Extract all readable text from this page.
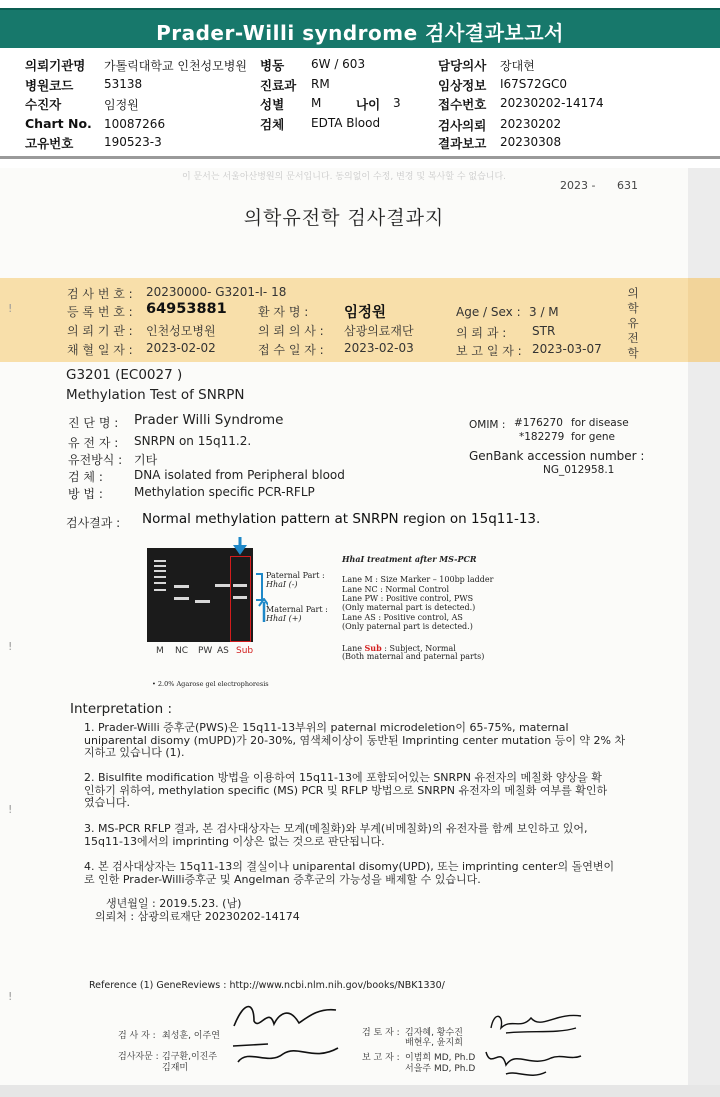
Prader-Willi syndrome 검사결과보고서
의뢰기관명 가톨릭대학교 인천성모병원 병동 6W / 603	담당의사 장대현
병원코드	53138	진료과 RM	임상정보 I67S72GC0
수진자	임정원	성별 M	나이 3	접수번호 20230202-14174
Chart No. 10087266	검체 EDTA Blood	검사의뢰 20230202
고유번호	190523-3	결과보고 20230308
이 문서는 서울아산병원의 문서입니다. 동의없이 수정, 변경 및 복사할 수 없습니다.
2023 - 631
의학유전학 검사결과지
!
의 학 유 전 학
검 사 번 호 : 20230000- G3201-I- 18
등 록 번 호 : 64953881	환 자 명 : 임정원	Age / Sex : 3 / M
의 뢰 기 관 : 인천성모병원	의 뢰 의 사 : 삼광의료재단	의 뢰 과 : STR
채 혈 일 자 : 2023-02-02	접 수 일 자 : 2023-02-03	보 고 일 자 : 2023-03-07
G3201 (EC0027 )
Methylation Test of SNRPN
진 단 명 : Prader Willi Syndrome
유 전 자 : SNRPN on 15q11.2.
유전방식 : 기타
검 체 :	DNA isolated from Peripheral blood
방 법 :	Methylation specific PCR-RFLP
OMIM : #176270 for disease
*182279 for gene
GenBank accession number :
NG_012958.1
검사결과 : Normal methylation pattern at SNRPN region on 15q11-13.
M NC PW AS Sub
Paternal Part :
HhaI (-)
Maternal Part :
HhaI (+)
• 2.0% Agarose gel electrophoresis
HhaI treatment after MS-PCR
Lane M : Size Marker – 100bp ladder
Lane NC : Normal Control
Lane PW : Positive control, PWS
(Only maternal part is detected.)
Lane AS : Positive control, AS
(Only paternal part is detected.)
Lane Sub : Subject, Normal
(Both maternal and paternal parts)
!
!
!
Interpretation :
1. Prader-Willi 증후군(PWS)은 15q11-13부위의 paternal microdeletion이 65-75%, maternal
uniparental disomy (mUPD)가 20-30%, 염색체이상이 동반된 Imprinting center mutation 등이 약 2% 차
지하고 있습니다 (1).
2. Bisulfite modification 방법을 이용하여 15q11-13에 포함되어있는 SNRPN 유전자의 메칠화 양상을 확
인하기 위하여, methylation specific (MS) PCR 및 RFLP 방법으로 SNRPN 유전자의 메칠화 여부를 확인하
였습니다.
3. MS-PCR RFLP 결과, 본 검사대상자는 모계(메칠화)와 부계(비메칠화)의 유전자를 함께 보인하고 있어,
15q11-13에서의 imprinting 이상은 없는 것으로 판단됩니다.
4. 본 검사대상자는 15q11-13의 결실이나 uniparental disomy(UPD), 또는 imprinting center의 돌연변이
로 인한 Prader-Willi증후군 및 Angelman 증후군의 가능성을 배제할 수 있습니다.
생년월일 : 2019.5.23. (남)
의뢰처 : 삼광의료재단 20230202-14174
Reference (1) GeneReviews : http://www.ncbi.nlm.nih.gov/books/NBK1330/
검 사 자 : 최성훈, 이주연
검사자문 : 김구환,이진주
김재미
검 토 자 : 김자혜, 황수진
배현우, 윤지희
보 고 자 : 이범희 MD, Ph.D
서을주 MD, Ph.D
